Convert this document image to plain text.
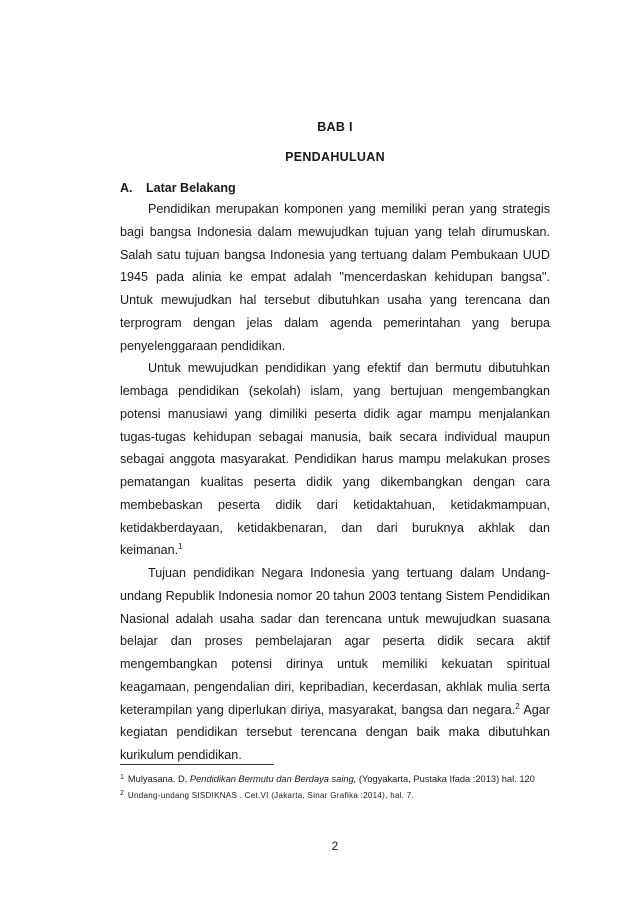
BAB I
PENDAHULUAN
A. Latar Belakang

Pendidikan merupakan komponen yang memiliki peran yang strategis bagi bangsa Indonesia dalam mewujudkan tujuan yang telah dirumuskan. Salah satu tujuan bangsa Indonesia yang tertuang dalam Pembukaan UUD 1945 pada alinia ke empat adalah "mencerdaskan kehidupan bangsa". Untuk mewujudkan hal tersebut dibutuhkan usaha yang terencana dan terprogram dengan jelas dalam agenda pemerintahan yang berupa penyelenggaraan pendidikan.

Untuk mewujudkan pendidikan yang efektif dan bermutu dibutuhkan lembaga pendidikan (sekolah) islam, yang bertujuan mengembangkan potensi manusiawi yang dimiliki peserta didik agar mampu menjalankan tugas-tugas kehidupan sebagai manusia, baik secara individual maupun sebagai anggota masyarakat. Pendidikan harus mampu melakukan proses pematangan kualitas peserta didik yang dikembangkan dengan cara membebaskan peserta didik dari ketidaktahuan, ketidakmampuan, ketidakberdayaan, ketidakbenaran, dan dari buruknya akhlak dan keimanan.$^1$

Tujuan pendidikan Negara Indonesia yang tertuang dalam Undang-undang Republik Indonesia nomor 20 tahun 2003 tentang Sistem Pendidikan Nasional adalah usaha sadar dan terencana untuk mewujudkan suasana belajar dan proses pembelajaran agar peserta didik secara aktif mengembangkan potensi dirinya untuk memiliki kekuatan spiritual keagamaan, pengendalian diri, kepribadian, kecerdasan, akhlak mulia serta keterampilan yang diperlukan diriya, masyarakat, bangsa dan negara.$^2$ Agar kegiatan pendidikan tersebut terencana dengan baik maka dibutuhkan kurikulum pendidikan.

$^1$ Mulyasana. D, Pendidikan Bermutu dan Berdaya saing, (Yogyakarta, Pustaka Ifada :2013) hal. 120

$^2$ Undang-undang SISDIKNAS . Cet.VI (Jakarta, Sinar Grafika :2014), hal. 7.

2
